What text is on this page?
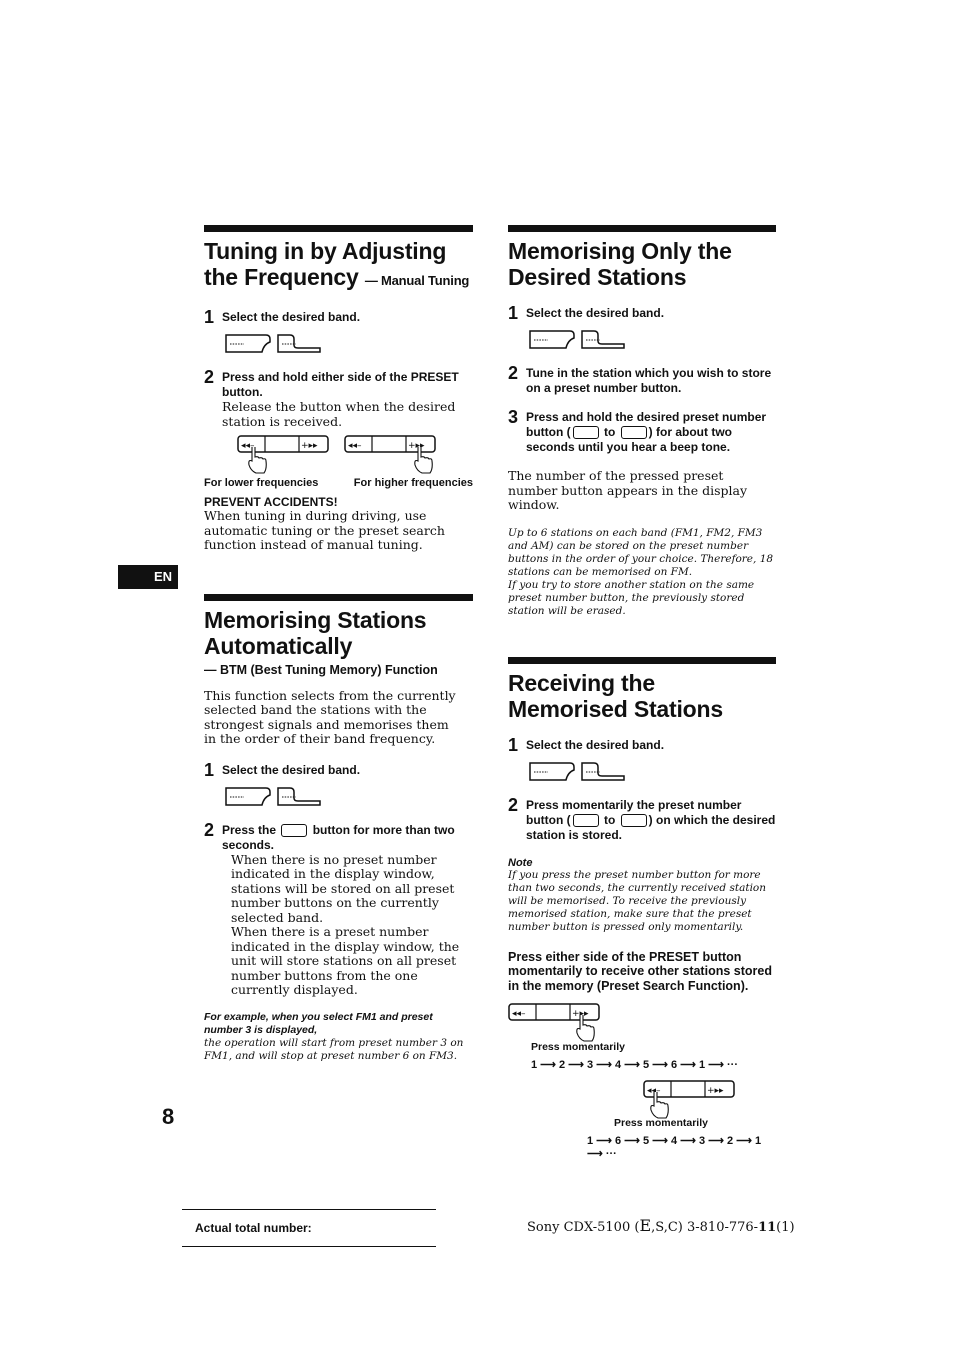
Tuning in by Adjusting the Frequency — Manual Tuning
1 Select the desired band.
2 Press and hold either side of the PRESET button.
Release the button when the desired station is received.
For lower frequencies	For higher frequencies
PREVENT ACCIDENTS!
When tuning in during driving, use automatic tuning or the preset search function instead of manual tuning.
Memorising Stations Automatically
— BTM (Best Tuning Memory) Function
This function selects from the currently selected band the stations with the strongest signals and memorises them in the order of their band frequency.
1 Select the desired band.
2 Press the	button for more than two seconds.
When there is no preset number indicated in the display window, stations will be stored on all preset number buttons on the currently selected band.
When there is a preset number indicated in the display window, the unit will store stations on all preset number buttons from the one currently displayed.
For example, when you select FM1 and preset number 3 is displayed,
the operation will start from preset number 3 on FM1, and will stop at preset number 6 on FM3.
Memorising Only the Desired Stations
1 Select the desired band.
2 Tune in the station which you wish to store on a preset number button.
3 Press and hold the desired preset number button (	to	) for about two seconds until you hear a beep tone.
The number of the pressed preset number button appears in the display window.
Up to 6 stations on each band (FM1, FM2, FM3 and AM) can be stored on the preset number buttons in the order of your choice. Therefore, 18 stations can be memorised on FM.
If you try to store another station on the same preset number button, the previously stored station will be erased.
Receiving the Memorised Stations
1 Select the desired band.
2 Press momentarily the preset number button (	to	) on which the desired station is stored.
Note
If you press the preset number button for more than two seconds, the currently received station will be memorised. To receive the previously memorised station, make sure that the preset number button is pressed only momentarily.
Press either side of the PRESET button momentarily to receive other stations stored in the memory (Preset Search Function).
Press momentarily
1 ⟶ 2 ⟶ 3 ⟶ 4 ⟶ 5 ⟶ 6 ⟶ 1 ⟶ ···
Press momentarily
1 ⟶ 6 ⟶ 5 ⟶ 4 ⟶ 3 ⟶ 2 ⟶ 1 ⟶ ···
EN
8
Actual total number:	Sony CDX-5100 (E,S,C) 3-810-776-11(1)
